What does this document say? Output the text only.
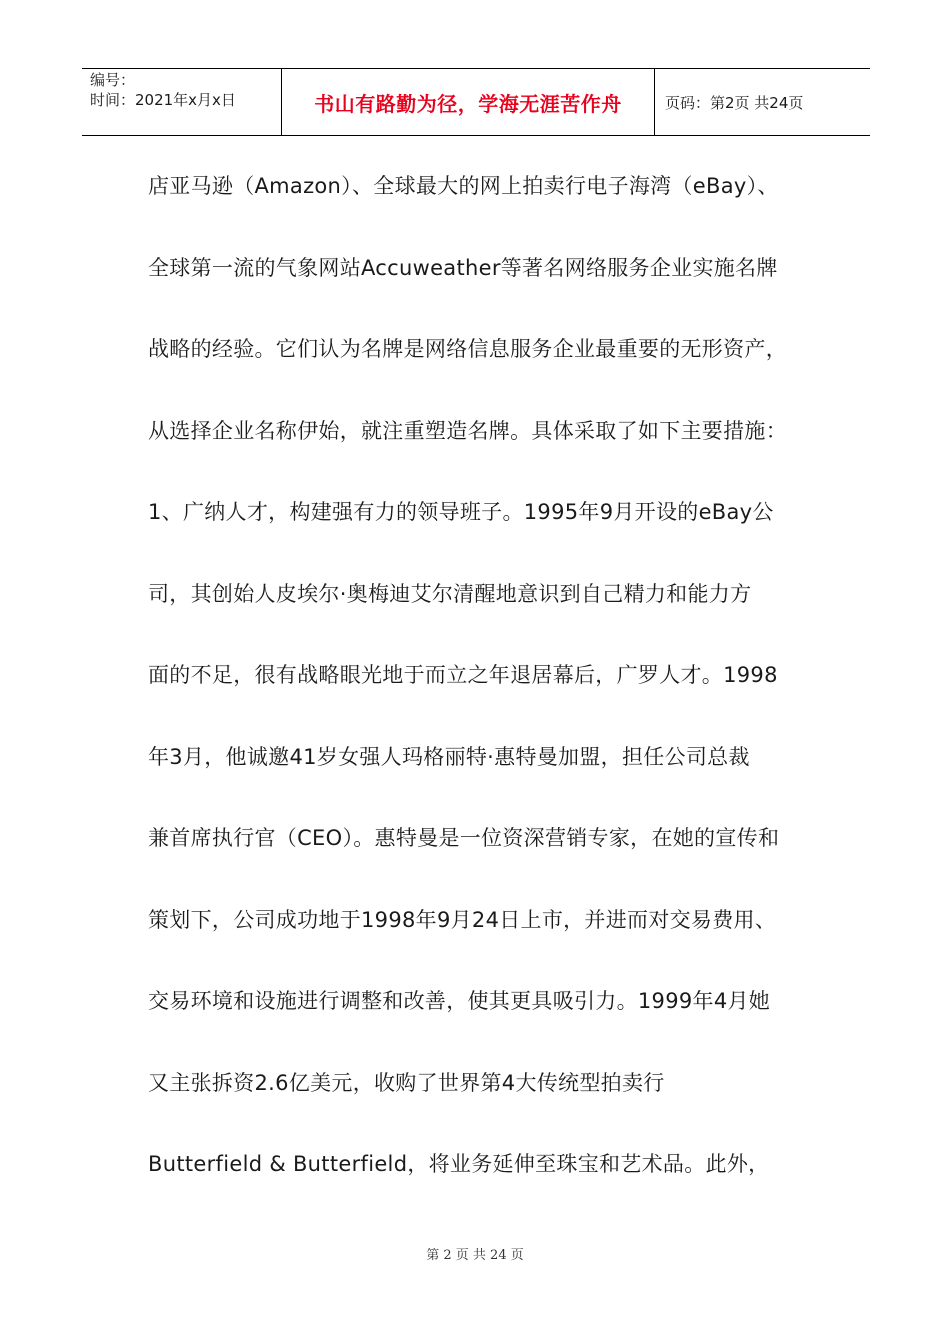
编号：
时间：2021年x月x日	书山有路勤为径，学海无涯苦作舟	页码：第2页 共24页

店亚马逊（Amazon）、全球最大的网上拍卖行电子海湾（eBay）、

全球第一流的气象网站Accuweather等著名网络服务企业实施名牌

战略的经验。它们认为名牌是网络信息服务企业最重要的无形资产，

从选择企业名称伊始，就注重塑造名牌。具体采取了如下主要措施：

1、广纳人才，构建强有力的领导班子。1995年9月开设的eBay公

司，其创始人皮埃尔·奥梅迪艾尔清醒地意识到自己精力和能力方

面的不足，很有战略眼光地于而立之年退居幕后，广罗人才。1998

年3月，他诚邀41岁女强人玛格丽特·惠特曼加盟，担任公司总裁

兼首席执行官（CEO）。惠特曼是一位资深营销专家，在她的宣传和

策划下，公司成功地于1998年9月24日上市，并进而对交易费用、

交易环境和设施进行调整和改善，使其更具吸引力。1999年4月她

又主张拆资2.6亿美元，收购了世界第4大传统型拍卖行

Butterfield & Butterfield，将业务延伸至珠宝和艺术品。此外，

第 2 页 共 24 页
